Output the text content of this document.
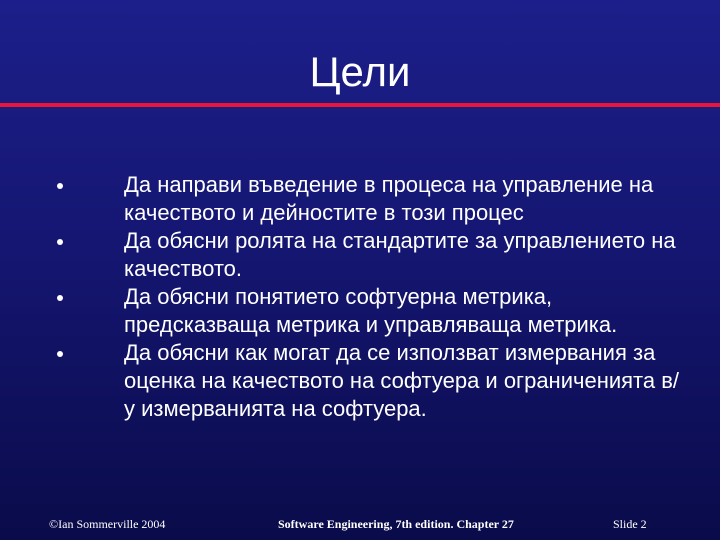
Цели
Да направи въведение в процеса на управление на качеството и дейностите в този процес
Да обясни ролята на стандартите за управлението на качеството.
Да обясни понятието софтуерна метрика, предсказваща метрика и управляваща метрика.
Да обясни как могат да се използват измервания за оценка на качеството на софтуера и ограниченията в/у измерванията на софтуера.
©Ian Sommerville 2004	Software Engineering, 7th edition. Chapter 27	Slide 2
